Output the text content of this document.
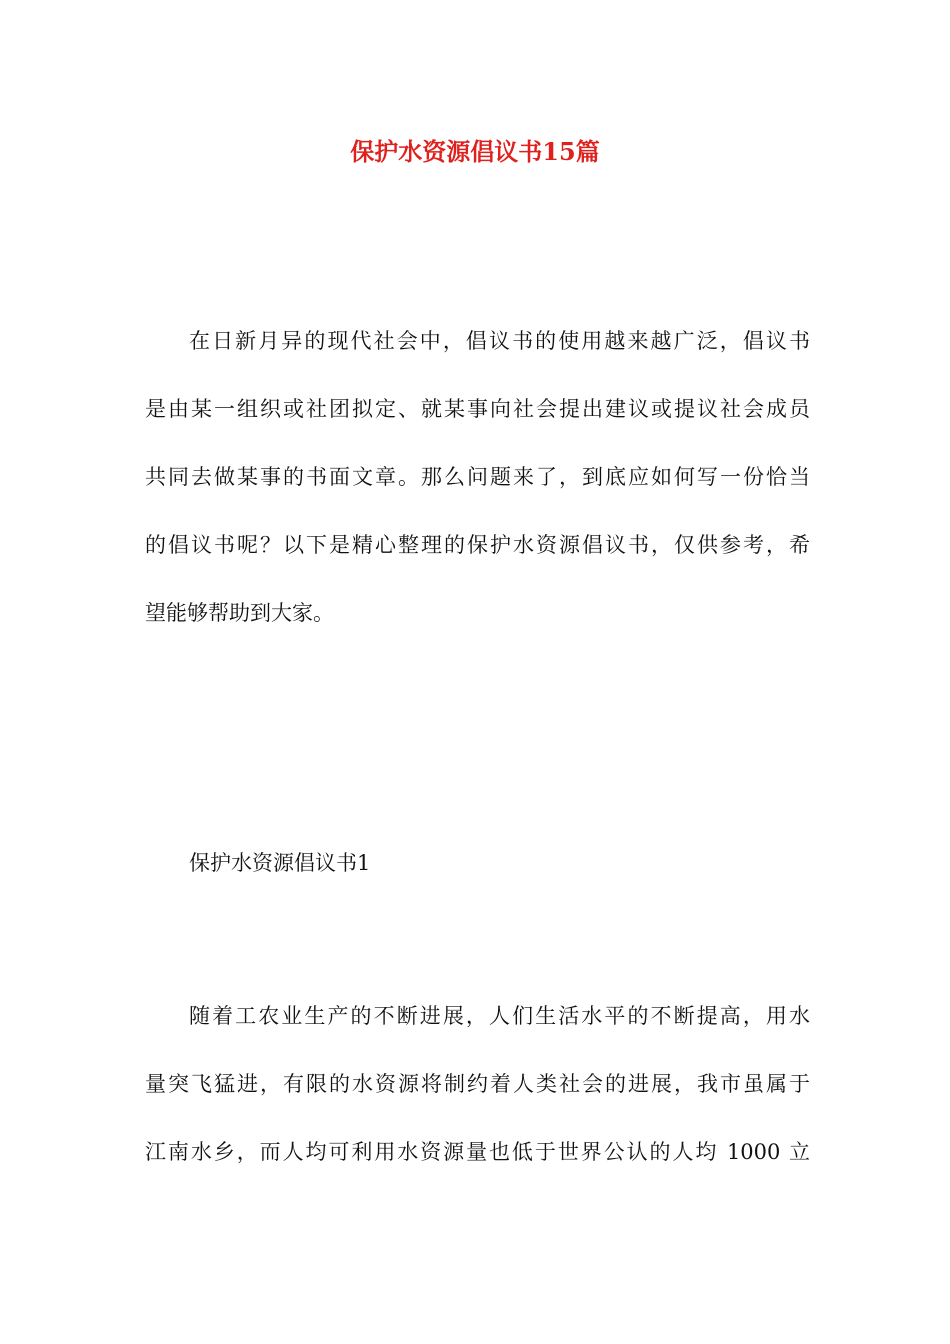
保护水资源倡议书15篇
在日新月异的现代社会中，倡议书的使用越来越广泛，倡议书
是由某一组织或社团拟定、就某事向社会提出建议或提议社会成员
共同去做某事的书面文章。那么问题来了，到底应如何写一份恰当
的倡议书呢？以下是精心整理的保护水资源倡议书，仅供参考，希
望能够帮助到大家。

保护水资源倡议书1

随着工农业生产的不断进展，人们生活水平的不断提高，用水
量突飞猛进，有限的水资源将制约着人类社会的进展，我市虽属于
江南水乡，而人均可利用水资源量也低于世界公认的人均 1000 立
